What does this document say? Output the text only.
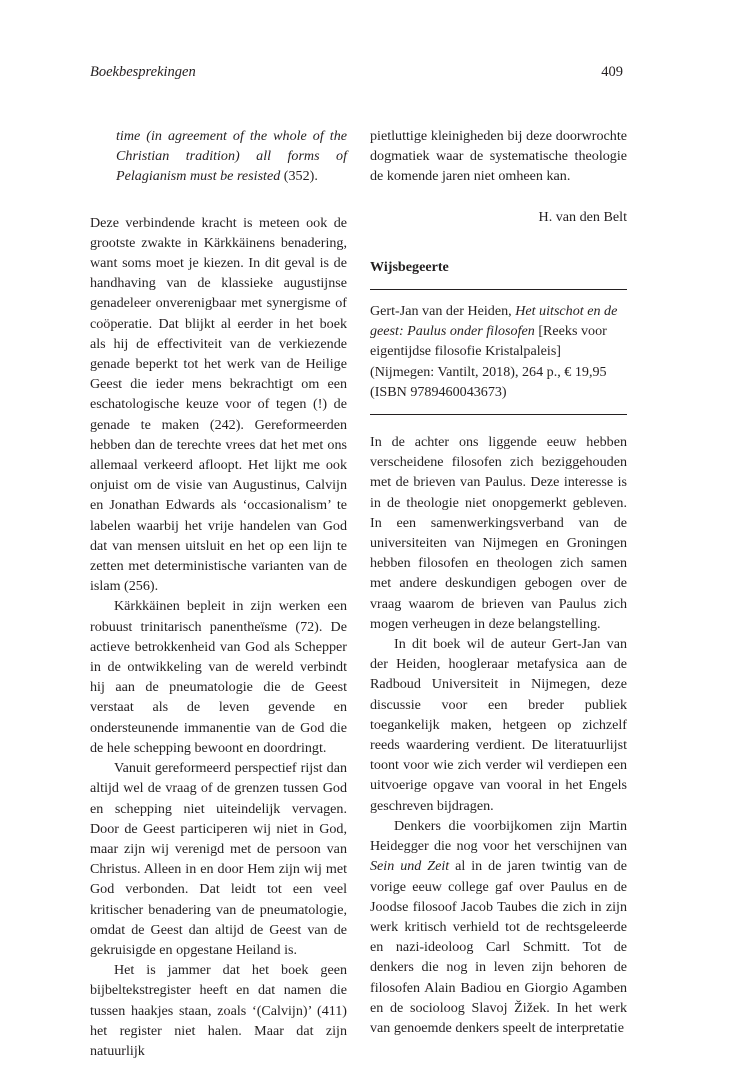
Boekbesprekingen	409

time (in agreement of the whole of the Christian tradition) all forms of Pelagianism must be resisted (352).

Deze verbindende kracht is meteen ook de grootste zwakte in Kärkkäinens benadering, want soms moet je kiezen. In dit geval is de handhaving van de klassieke augustijnse genadeleer onverenigbaar met synergisme of coöperatie. Dat blijkt al eerder in het boek als hij de effectiviteit van de verkiezende genade beperkt tot het werk van de Heilige Geest die ieder mens bekrachtigt om een eschatologische keuze voor of tegen (!) de genade te maken (242). Gereformeerden hebben dan de terechte vrees dat het met ons allemaal verkeerd afloopt. Het lijkt me ook onjuist om de visie van Augustinus, Calvijn en Jonathan Edwards als ‘occasionalism’ te labelen waarbij het vrije handelen van God dat van mensen uitsluit en het op een lijn te zetten met deterministische varianten van de islam (256).

Kärkkäinen bepleit in zijn werken een robuust trinitarisch panentheïsme (72). De actieve betrokkenheid van God als Schepper in de ontwikkeling van de wereld verbindt hij aan de pneumatologie die de Geest verstaat als de leven gevende en ondersteunende immanentie van de God die de hele schepping bewoont en doordringt.

Vanuit gereformeerd perspectief rijst dan altijd wel de vraag of de grenzen tussen God en schepping niet uiteindelijk vervagen. Door de Geest participeren wij niet in God, maar zijn wij verenigd met de persoon van Christus. Alleen in en door Hem zijn wij met God verbonden. Dat leidt tot een veel kritischer benadering van de pneumatologie, omdat de Geest dan altijd de Geest van de gekruisigde en opgestane Heiland is.

Het is jammer dat het boek geen bijbeltekstregister heeft en dat namen die tussen haakjes staan, zoals ‘(Calvijn)’ (411) het register niet halen. Maar dat zijn natuurlijk

pietluttige kleinigheden bij deze doorwrochte dogmatiek waar de systematische theologie de komende jaren niet omheen kan.

H. van den Belt

Wijsbegeerte

Gert-Jan van der Heiden, Het uitschot en de geest: Paulus onder filosofen [Reeks voor eigentijdse filosofie Kristalpaleis] (Nijmegen: Vantilt, 2018), 264 p., € 19,95 (ISBN 9789460043673)

In de achter ons liggende eeuw hebben verscheidene filosofen zich beziggehouden met de brieven van Paulus. Deze interesse is in de theologie niet onopgemerkt gebleven. In een samenwerkingsverband van de universiteiten van Nijmegen en Groningen hebben filosofen en theologen zich samen met andere deskundigen gebogen over de vraag waarom de brieven van Paulus zich mogen verheugen in deze belangstelling.

In dit boek wil de auteur Gert-Jan van der Heiden, hoogleraar metafysica aan de Radboud Universiteit in Nijmegen, deze discussie voor een breder publiek toegankelijk maken, hetgeen op zichzelf reeds waardering verdient. De literatuurlijst toont voor wie zich verder wil verdiepen een uitvoerige opgave van vooral in het Engels geschreven bijdragen.

Denkers die voorbijkomen zijn Martin Heidegger die nog voor het verschijnen van Sein und Zeit al in de jaren twintig van de vorige eeuw college gaf over Paulus en de Joodse filosoof Jacob Taubes die zich in zijn werk kritisch verhield tot de rechtsgeleerde en nazi-ideoloog Carl Schmitt. Tot de denkers die nog in leven zijn behoren de filosofen Alain Badiou en Giorgio Agamben en de socioloog Slavoj Žižek. In het werk van genoemde denkers speelt de interpretatie
